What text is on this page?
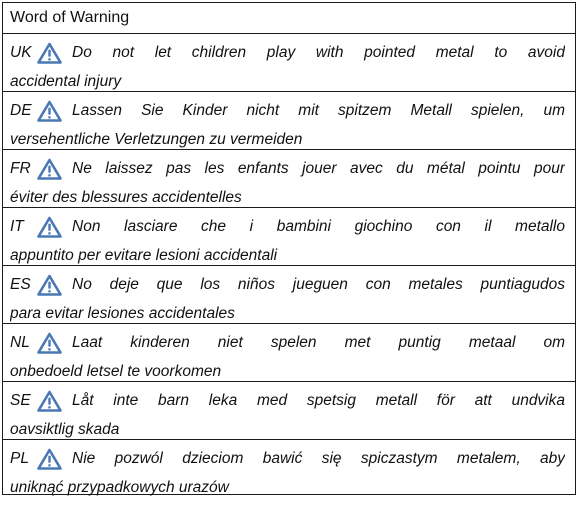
Word of Warning
UK	Do not let children play with pointed metal to avoid
accidental injury
DE	Lassen Sie Kinder nicht mit spitzem Metall spielen, um
versehentliche Verletzungen zu vermeiden
FR	Ne laissez pas les enfants jouer avec du métal pointu pour
éviter des blessures accidentelles
IT	Non lasciare che i bambini giochino con il metallo
appuntito per evitare lesioni accidentali
ES	No deje que los niños jueguen con metales puntiagudos
para evitar lesiones accidentales
NL	Laat kinderen niet spelen met puntig metaal om
onbedoeld letsel te voorkomen
SE	Låt inte barn leka med spetsig metall för att undvika
oavsiktlig skada
PL	Nie pozwól dzieciom bawić się spiczastym metalem, aby
uniknąć przypadkowych urazów
